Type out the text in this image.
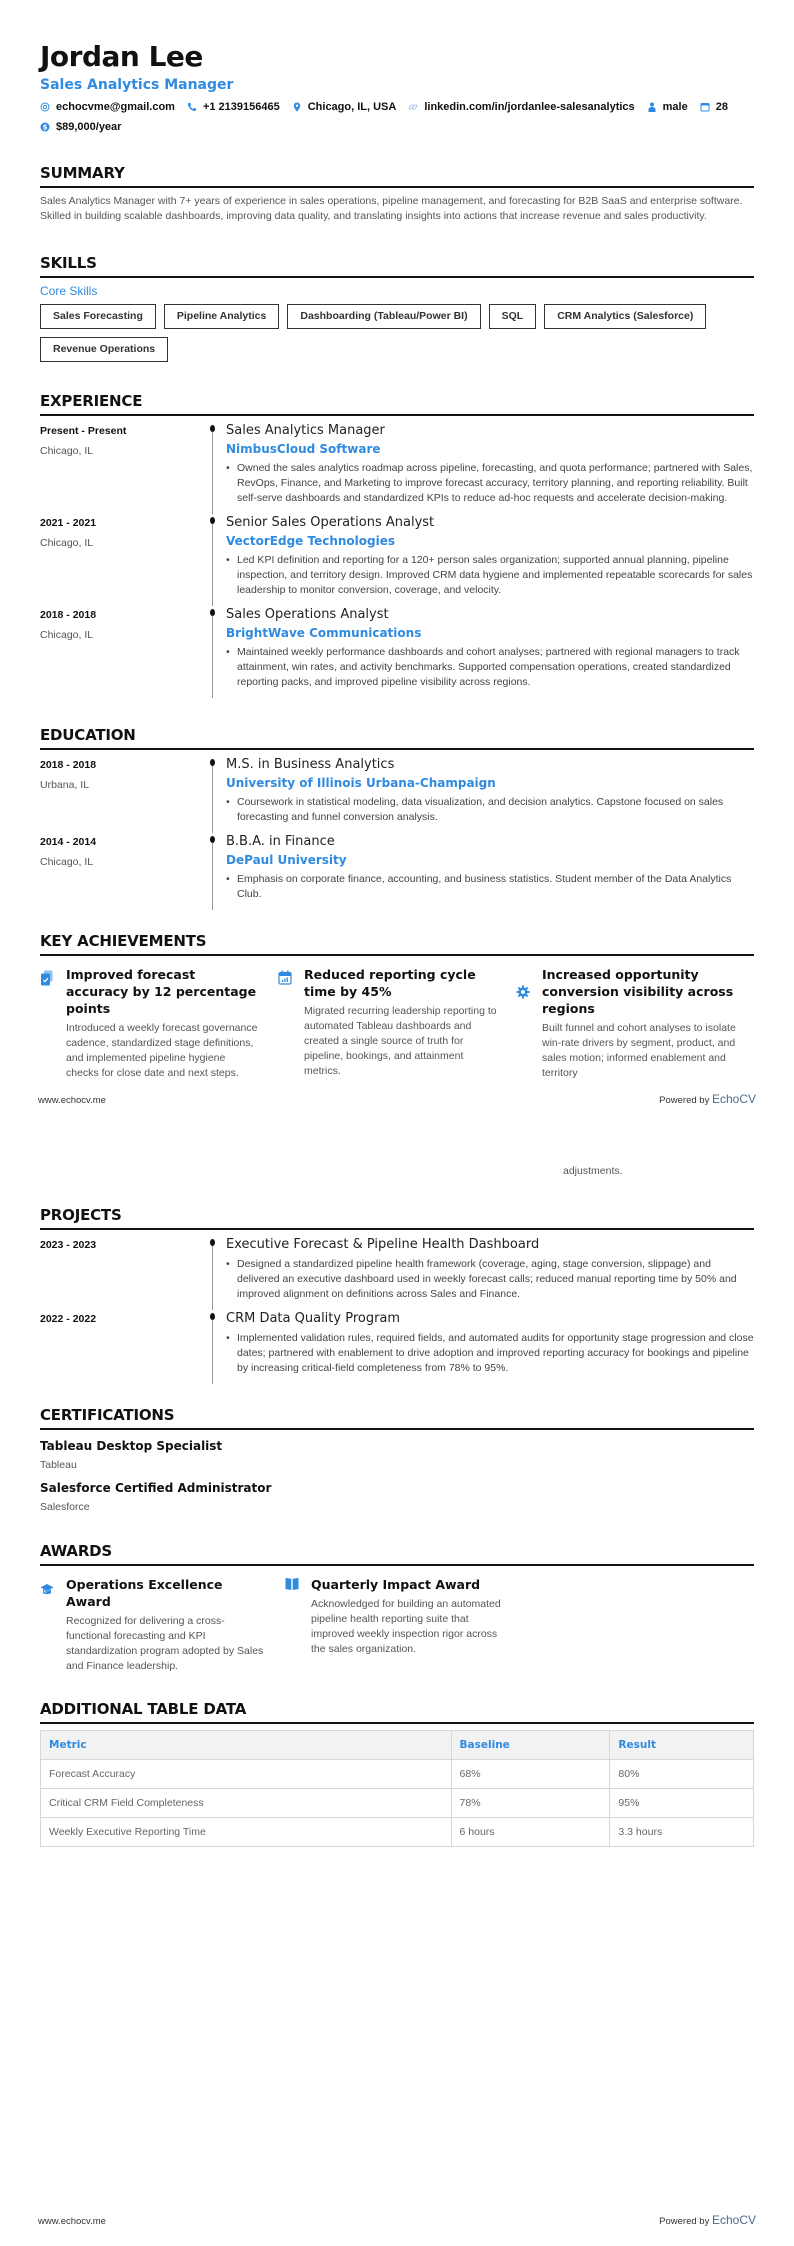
Jordan Lee
Sales Analytics Manager
echocvme@gmail.com	+1 2139156465	Chicago, IL, USA	linkedin.com/in/jordanlee-salesanalytics	male	28
$ $89,000/year
SUMMARY

Sales Analytics Manager with 7+ years of experience in sales operations, pipeline management, and forecasting for B2B SaaS and enterprise software. Skilled in building scalable dashboards, improving data quality, and translating insights into actions that increase revenue and sales productivity.

SKILLS
Core Skills
Sales Forecasting	Pipeline Analytics	Dashboarding (Tableau/Power BI)	SQL	CRM Analytics (Salesforce)
Revenue Operations
EXPERIENCE
Present - Present
Chicago, IL
Sales Analytics Manager
NimbusCloud Software
• Owned the sales analytics roadmap across pipeline, forecasting, and quota performance; partnered with Sales, RevOps, Finance, and Marketing to improve forecast accuracy, territory planning, and reporting reliability. Built self-serve dashboards and standardized KPIs to reduce ad-hoc requests and accelerate decision-making.
2021 - 2021
Chicago, IL
Senior Sales Operations Analyst
VectorEdge Technologies
• Led KPI definition and reporting for a 120+ person sales organization; supported annual planning, pipeline inspection, and territory design. Improved CRM data hygiene and implemented repeatable scorecards for sales leadership to monitor conversion, coverage, and velocity.
2018 - 2018
Chicago, IL
Sales Operations Analyst
BrightWave Communications
• Maintained weekly performance dashboards and cohort analyses; partnered with regional managers to track attainment, win rates, and activity benchmarks. Supported compensation operations, created standardized reporting packs, and improved pipeline visibility across regions.
EDUCATION
2018 - 2018
Urbana, IL
M.S. in Business Analytics
University of Illinois Urbana-Champaign
• Coursework in statistical modeling, data visualization, and decision analytics. Capstone focused on sales forecasting and funnel conversion analysis.
2014 - 2014
Chicago, IL
B.B.A. in Finance
DePaul University
• Emphasis on corporate finance, accounting, and business statistics. Student member of the Data Analytics Club.
KEY ACHIEVEMENTS
Improved forecast accuracy by 12 percentage points
Introduced a weekly forecast governance cadence, standardized stage definitions, and implemented pipeline hygiene checks for close date and next steps.
Reduced reporting cycle time by 45%
Migrated recurring leadership reporting to automated Tableau dashboards and created a single source of truth for pipeline, bookings, and attainment metrics.
Increased opportunity conversion visibility across regions
Built funnel and cohort analyses to isolate win-rate drivers by segment, product, and sales motion; informed enablement and territory
www.echocv.me	Powered by EchoCV
adjustments.
PROJECTS
2023 - 2023	Executive Forecast & Pipeline Health Dashboard
• Designed a standardized pipeline health framework (coverage, aging, stage conversion, slippage) and delivered an executive dashboard used in weekly forecast calls; reduced manual reporting time by 50% and improved alignment on definitions across Sales and Finance.
2022 - 2022	CRM Data Quality Program
• Implemented validation rules, required fields, and automated audits for opportunity stage progression and close dates; partnered with enablement to drive adoption and improved reporting accuracy for bookings and pipeline by increasing critical-field completeness from 78% to 95%.
CERTIFICATIONS
Tableau Desktop Specialist
Tableau
Salesforce Certified Administrator
Salesforce
AWARDS
Operations Excellence Award
Recognized for delivering a cross-functional forecasting and KPI standardization program adopted by Sales and Finance leadership.
Quarterly Impact Award
Acknowledged for building an automated pipeline health reporting suite that improved weekly inspection rigor across the sales organization.
ADDITIONAL TABLE DATA
Metric	Baseline	Result
Forecast Accuracy	68%	80%
Critical CRM Field Completeness	78%	95%
Weekly Executive Reporting Time	6 hours	3.3 hours
www.echocv.me	Powered by EchoCV
